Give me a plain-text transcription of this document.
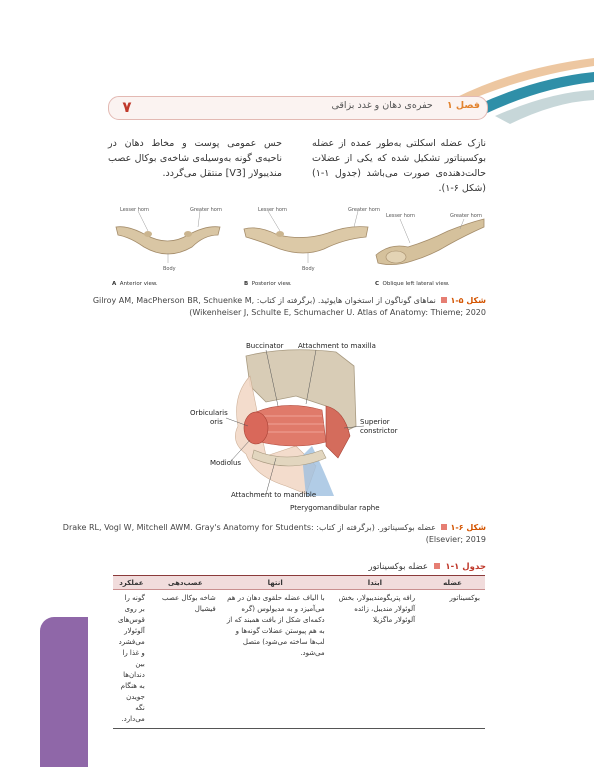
۷	فصل ۱  حفره‌ی دهان و غدد بزاقی
نازک عضله اسکلتی به‌طور عمده از عضله بوکسیناتور تشکیل شده که یکی از عضلات حالت‌دهنده‌ی صورت می‌باشد (جدول ۱-۱) (شکل ۶-۱).
حس عمومی پوست و مخاط دهان در ناحیه‌ی گونه به‌وسیله‌ی شاخه‌ی بوکال عصب مندیبولار [V3] منتقل می‌گردد.
Lesser horn	Greater horn
Body
Lesser horn	Greater horn
Body
Lesser horn	Greater horn
A Anterior view.	B Posterior view.	C Oblique left lateral view.
شکل ۵-۱ نماهای گوناگون از استخوان هایوئید. (برگرفته از کتاب: Gilroy AM, MacPherson BR, Schuenke M,
(Wikenheiser J, Schulte E, Schumacher U. Atlas of Anatomy: Thieme; 2020
Buccinator Attachment to maxilla
Orbicularis
oris	Superior
constrictor
Modiolus
Attachment to mandible
Pterygomandibular raphe
شکل ۶-۱ عضله بوکسیناتور. (برگرفته از کتاب: Drake RL, Vogl W, Mitchell AWM. Gray's Anatomy for Students:
(Elsevier; 2019
جدول ۱-۱  عضله بوکسیناتور
عضله	ابتدا	انتها	عصب‌دهی	عملکرد
بوکسیناتور	رافه پتریگومندیبولار، بخش آلوئولار مندیبل، زائده آلوئولار ماگزیلا	با الیاف عضله حلقوی دهان در هم می‌آمیزد و به مدیولوس (گره دکمه‌ای شکل از بافت همبند که از به هم پیوستن عضلات گونه‌ها و لب‌ها ساخته می‌شود) متصل می‌شود.	شاخه بوکال عصب فیشیال	گونه را بر روی قوس‌های آلوئولار می‌فشرد و غذا را بین دندان‌ها به هنگام جویدن نگه می‌دارد.
